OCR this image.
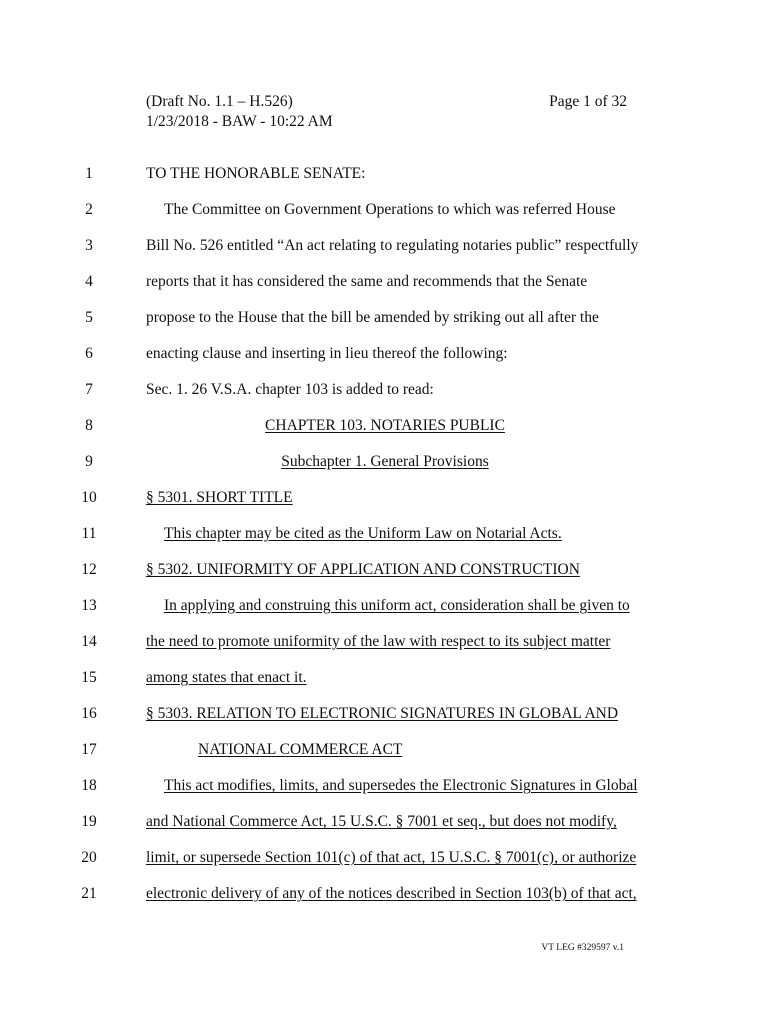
(Draft No. 1.1 – H.526)
1/23/2018 - BAW - 10:22 AM
Page 1 of 32
1	TO THE HONORABLE SENATE:
2	The Committee on Government Operations to which was referred House
3	Bill No. 526 entitled “An act relating to regulating notaries public” respectfully
4	reports that it has considered the same and recommends that the Senate
5	propose to the House that the bill be amended by striking out all after the
6	enacting clause and inserting in lieu thereof the following:
7	Sec. 1. 26 V.S.A. chapter 103 is added to read:
8	CHAPTER 103. NOTARIES PUBLIC
9	Subchapter 1. General Provisions
10	§ 5301. SHORT TITLE
11	This chapter may be cited as the Uniform Law on Notarial Acts.
12	§ 5302. UNIFORMITY OF APPLICATION AND CONSTRUCTION
13	In applying and construing this uniform act, consideration shall be given to
14	the need to promote uniformity of the law with respect to its subject matter
15	among states that enact it.
16	§ 5303. RELATION TO ELECTRONIC SIGNATURES IN GLOBAL AND
17	NATIONAL COMMERCE ACT
18	This act modifies, limits, and supersedes the Electronic Signatures in Global
19	and National Commerce Act, 15 U.S.C. § 7001 et seq., but does not modify,
20	limit, or supersede Section 101(c) of that act, 15 U.S.C. § 7001(c), or authorize
21	electronic delivery of any of the notices described in Section 103(b) of that act,
VT LEG #329597 v.1
